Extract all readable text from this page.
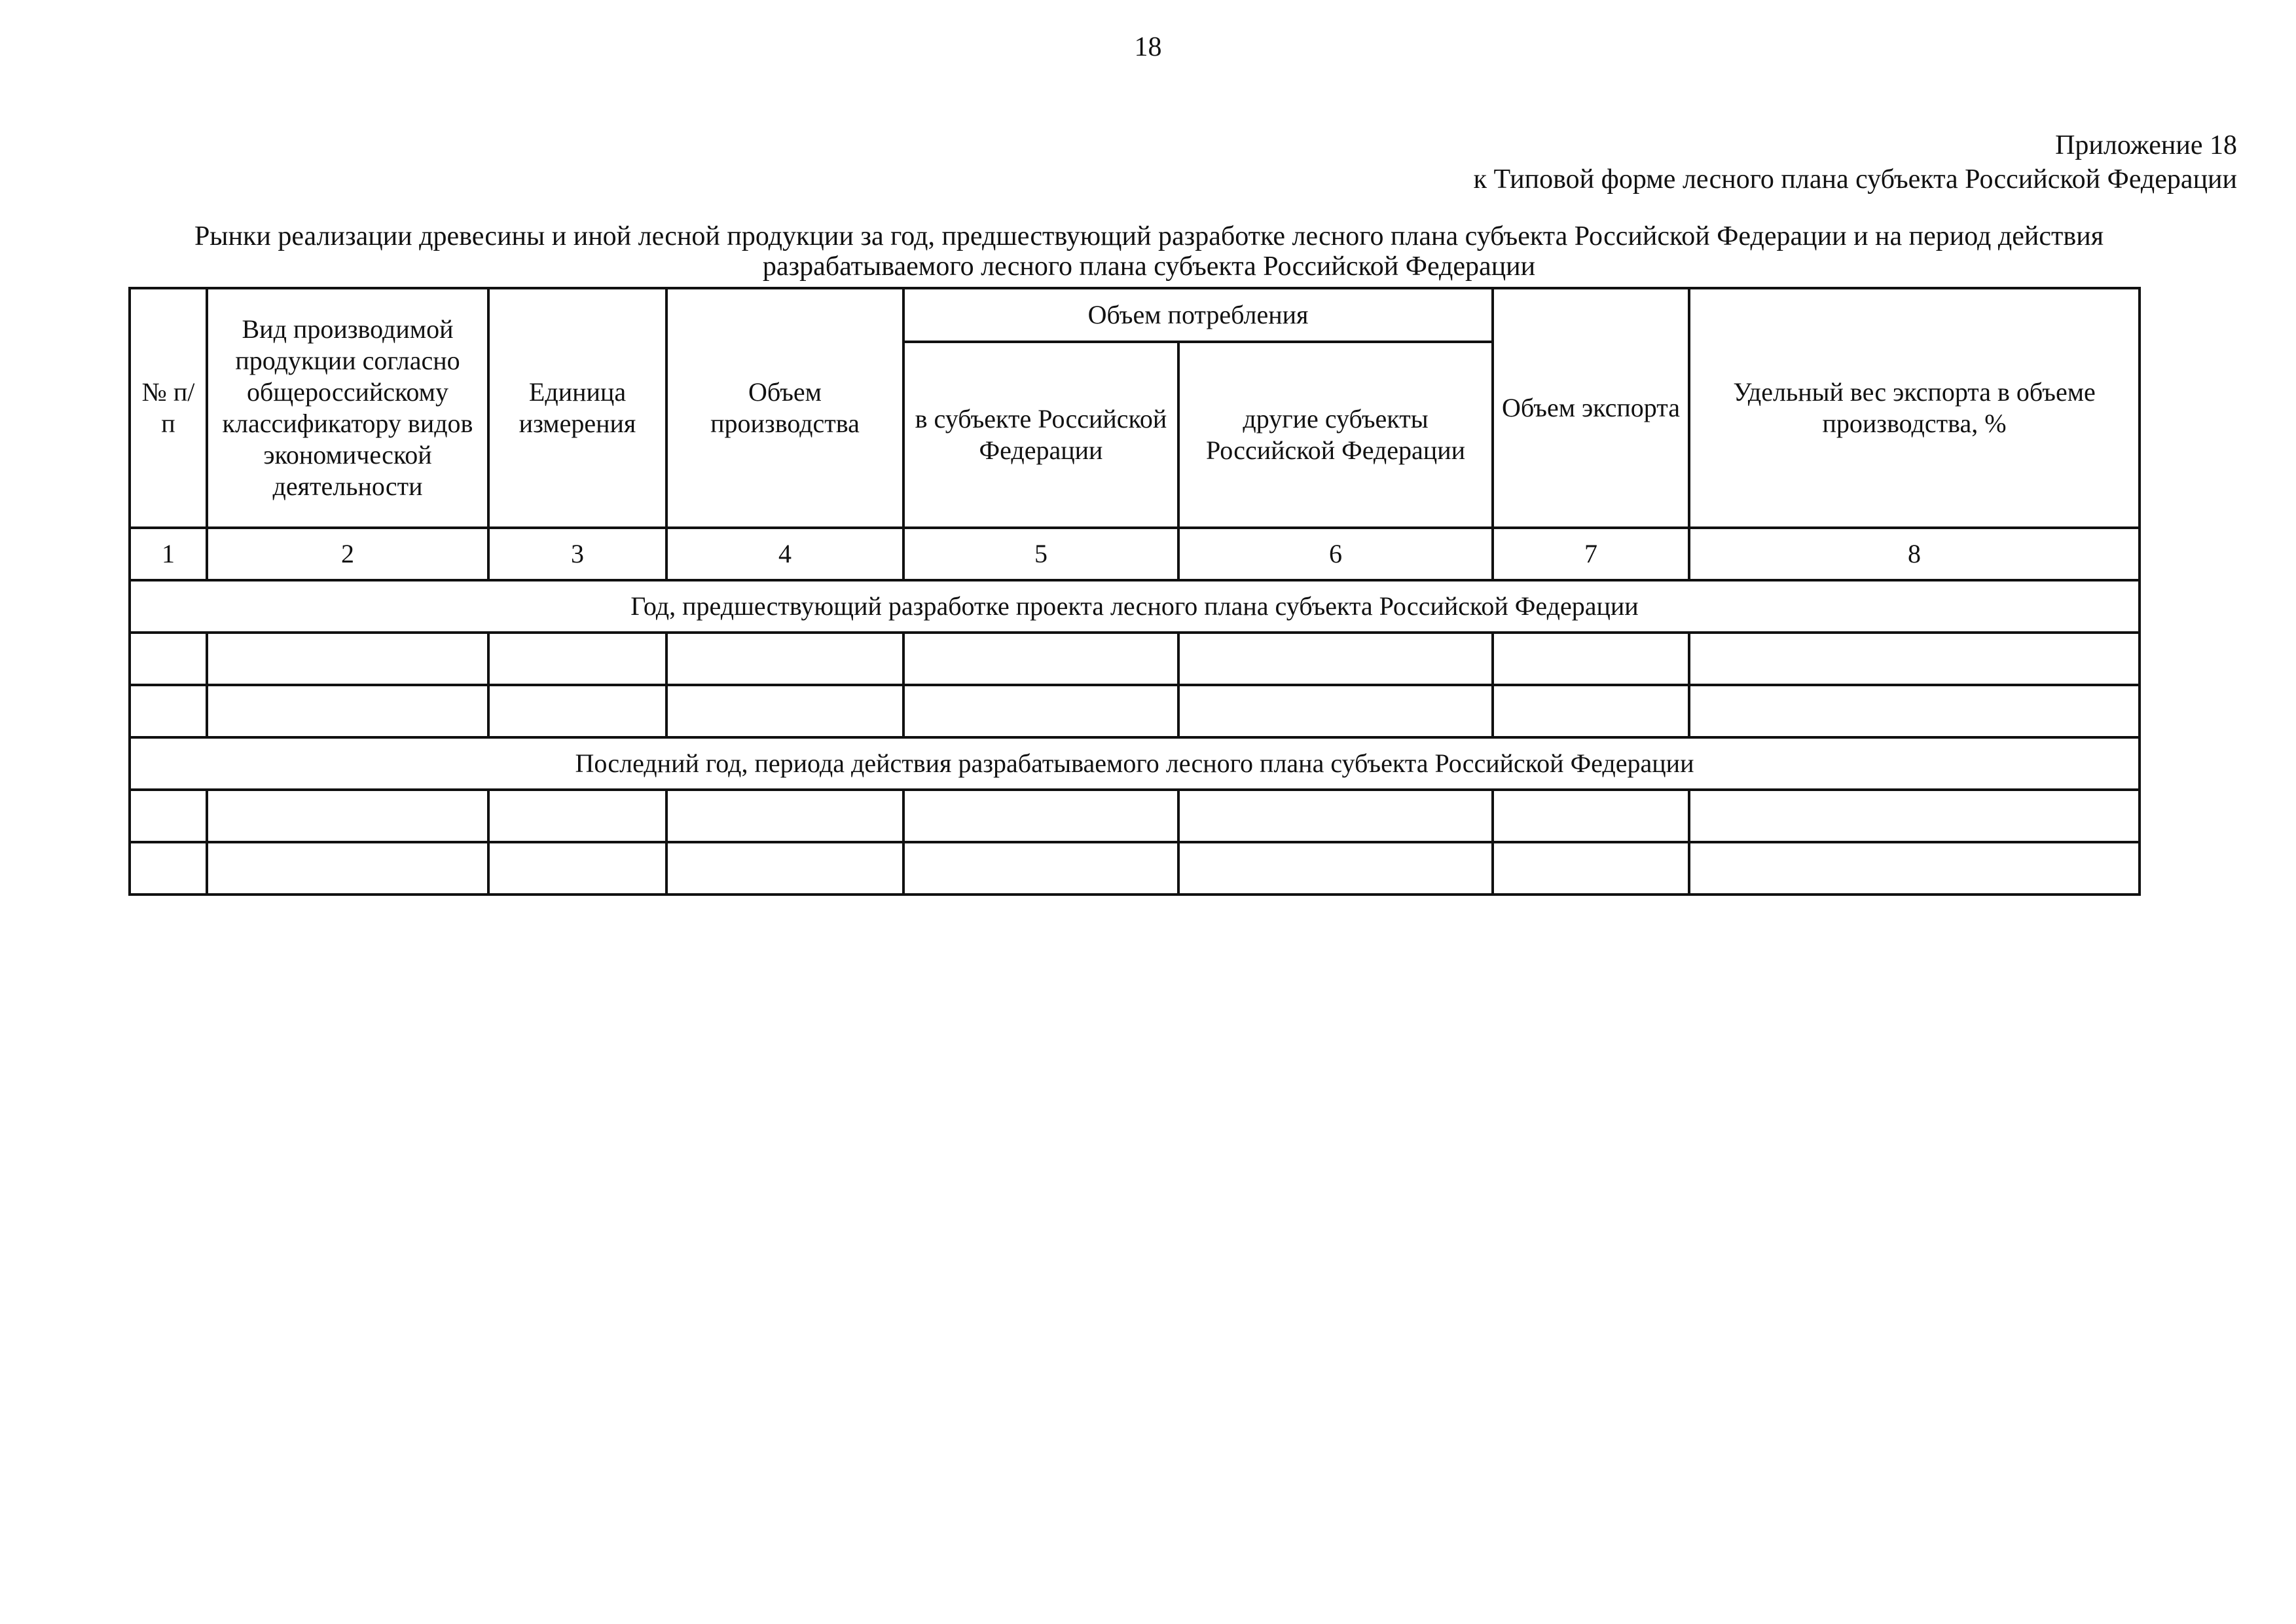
18
Приложение 18
к Типовой форме лесного плана субъекта Российской Федерации
Рынки реализации древесины и иной лесной продукции за год, предшествующий разработке лесного плана субъекта Российской Федерации и на период действия разрабатываемого лесного плана субъекта Российской Федерации
№ п/п	Вид производимой продукции согласно общероссийскому классификатору видов экономической деятельности	Единица измерения	Объем производства	Объем потребления		Объем экспорта	Удельный вес экспорта в объеме производства, %
				в субъекте Российской Федерации	другие субъекты Российской Федерации		
1	2	3	4	5	6	7	8
Год, предшествующий разработке проекта лесного плана субъекта Российской Федерации							

Последний год, периода действия разрабатываемого лесного плана субъекта Российской Федерации							
